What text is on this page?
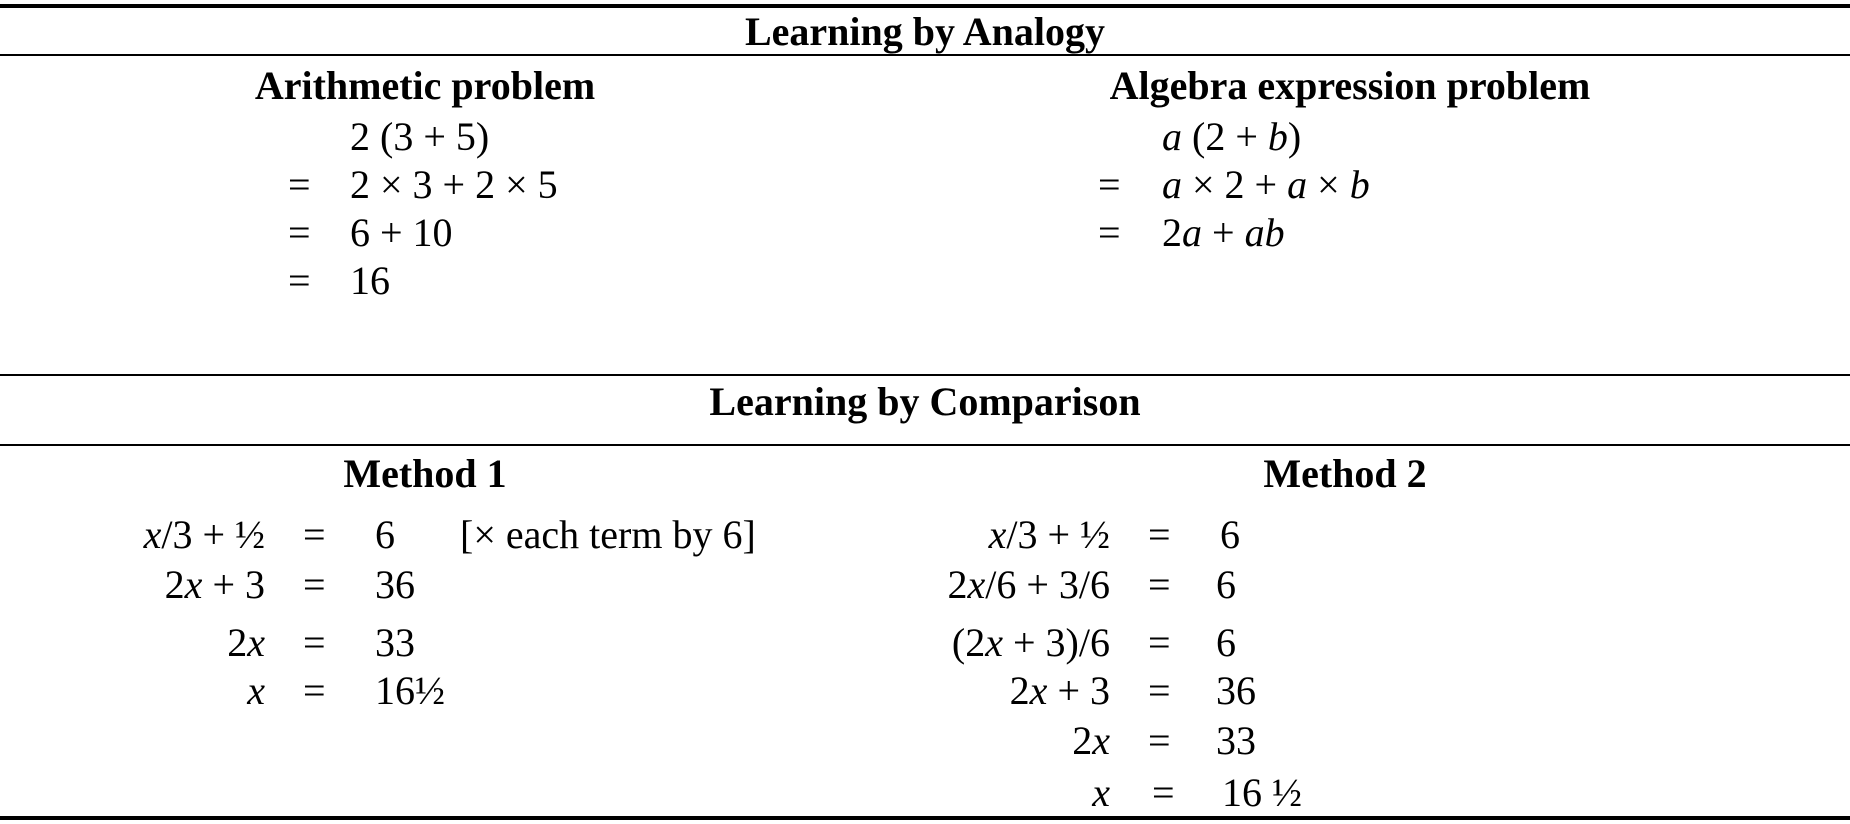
Learning by Analogy
Arithmetic problem	Algebra expression problem
2 (3 + 5)
= 2 × 3 + 2 × 5
= 6 + 10
= 16
a (2 + b)
= a × 2 + a × b
= 2a + ab
Learning by Comparison
Method 1	Method 2
x/3 + ½ = 6 [× each term by 6]
2x + 3 = 36
2x = 33
x = 16½
x/3 + ½ = 6
2x/6 + 3/6 = 6
(2x + 3)/6 = 6
2x + 3 = 36
2x = 33
x = 16 ½
